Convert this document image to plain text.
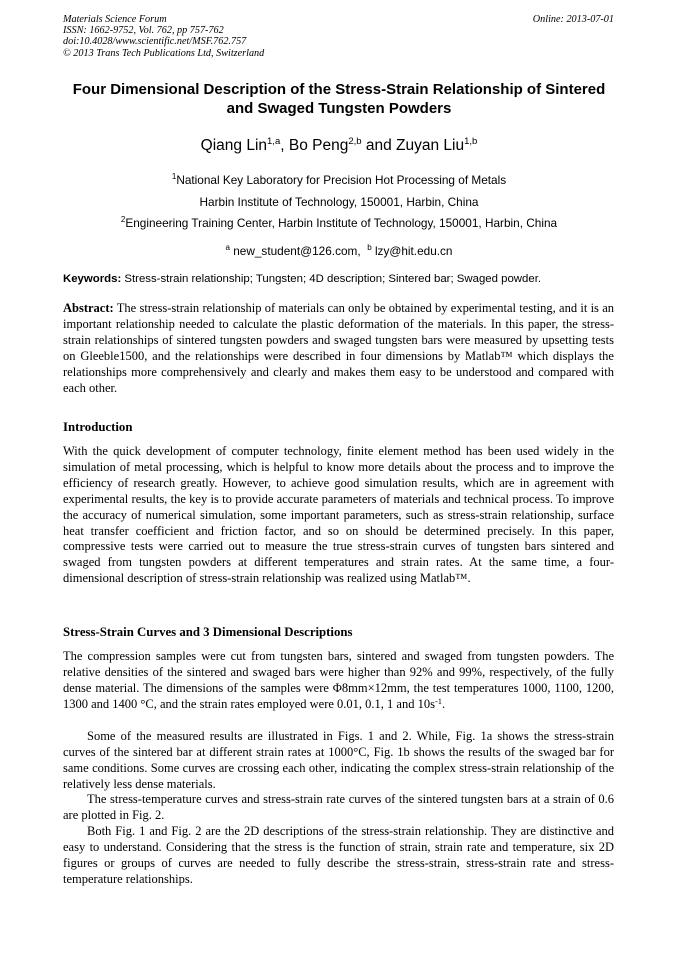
Materials Science Forum
ISSN: 1662-9752, Vol. 762, pp 757-762
doi:10.4028/www.scientific.net/MSF.762.757
© 2013 Trans Tech Publications Ltd, Switzerland
Online: 2013-07-01
Four Dimensional Description of the Stress-Strain Relationship of Sintered and Swaged Tungsten Powders
Qiang Lin$^{1,a}$, Bo Peng$^{2,b}$ and Zuyan Liu$^{1,b}$
$^1$National Key Laboratory for Precision Hot Processing of Metals
Harbin Institute of Technology, 150001, Harbin, China
$^2$Engineering Training Center, Harbin Institute of Technology, 150001, Harbin, China
$^a$ new_student@126.com, $^b$ lzy@hit.edu.cn
Keywords: Stress-strain relationship; Tungsten; 4D description; Sintered bar; Swaged powder.
Abstract: The stress-strain relationship of materials can only be obtained by experimental testing, and it is an important relationship needed to calculate the plastic deformation of the materials. In this paper, the stress-strain relationships of sintered tungsten powders and swaged tungsten bars were measured by upsetting tests on Gleeble1500, and the relationships were described in four dimensions by Matlab™ which displays the relationships more comprehensively and clearly and makes them easy to be understood and compared with each other.
Introduction
With the quick development of computer technology, finite element method has been used widely in the simulation of metal processing, which is helpful to know more details about the process and to improve the efficiency of research greatly. However, to achieve good simulation results, which are in agreement with experimental results, the key is to provide accurate parameters of materials and technical process. To improve the accuracy of numerical simulation, some important parameters, such as stress-strain relationship, surface heat transfer coefficient and friction factor, and so on should be determined precisely. In this paper, compressive tests were carried out to measure the true stress-strain curves of tungsten bars sintered and swaged from tungsten powders at different temperatures and strain rates. At the same time, a four-dimensional description of stress-strain relationship was realized using Matlab™.
Stress-Strain Curves and 3 Dimensional Descriptions
The compression samples were cut from tungsten bars, sintered and swaged from tungsten powders. The relative densities of the sintered and swaged bars were higher than 92% and 99%, respectively, of the fully dense material. The dimensions of the samples were Φ8mm×12mm, the test temperatures 1000, 1100, 1200, 1300 and 1400 °C, and the strain rates employed were 0.01, 0.1, 1 and $10s^{-1}$.
Some of the measured results are illustrated in Figs. 1 and 2. While, Fig. 1a shows the stress-strain curves of the sintered bar at different strain rates at 1000°C, Fig. 1b shows the results of the swaged bar for same conditions. Some curves are crossing each other, indicating the complex stress-strain relationship of the relatively less dense materials.
The stress-temperature curves and stress-strain rate curves of the sintered tungsten bars at a strain of 0.6 are plotted in Fig. 2.
Both Fig. 1 and Fig. 2 are the 2D descriptions of the stress-strain relationship. They are distinctive and easy to understand. Considering that the stress is the function of strain, strain rate and temperature, six 2D figures or groups of curves are needed to fully describe the stress-strain, stress-strain rate and stress-temperature relationships.
